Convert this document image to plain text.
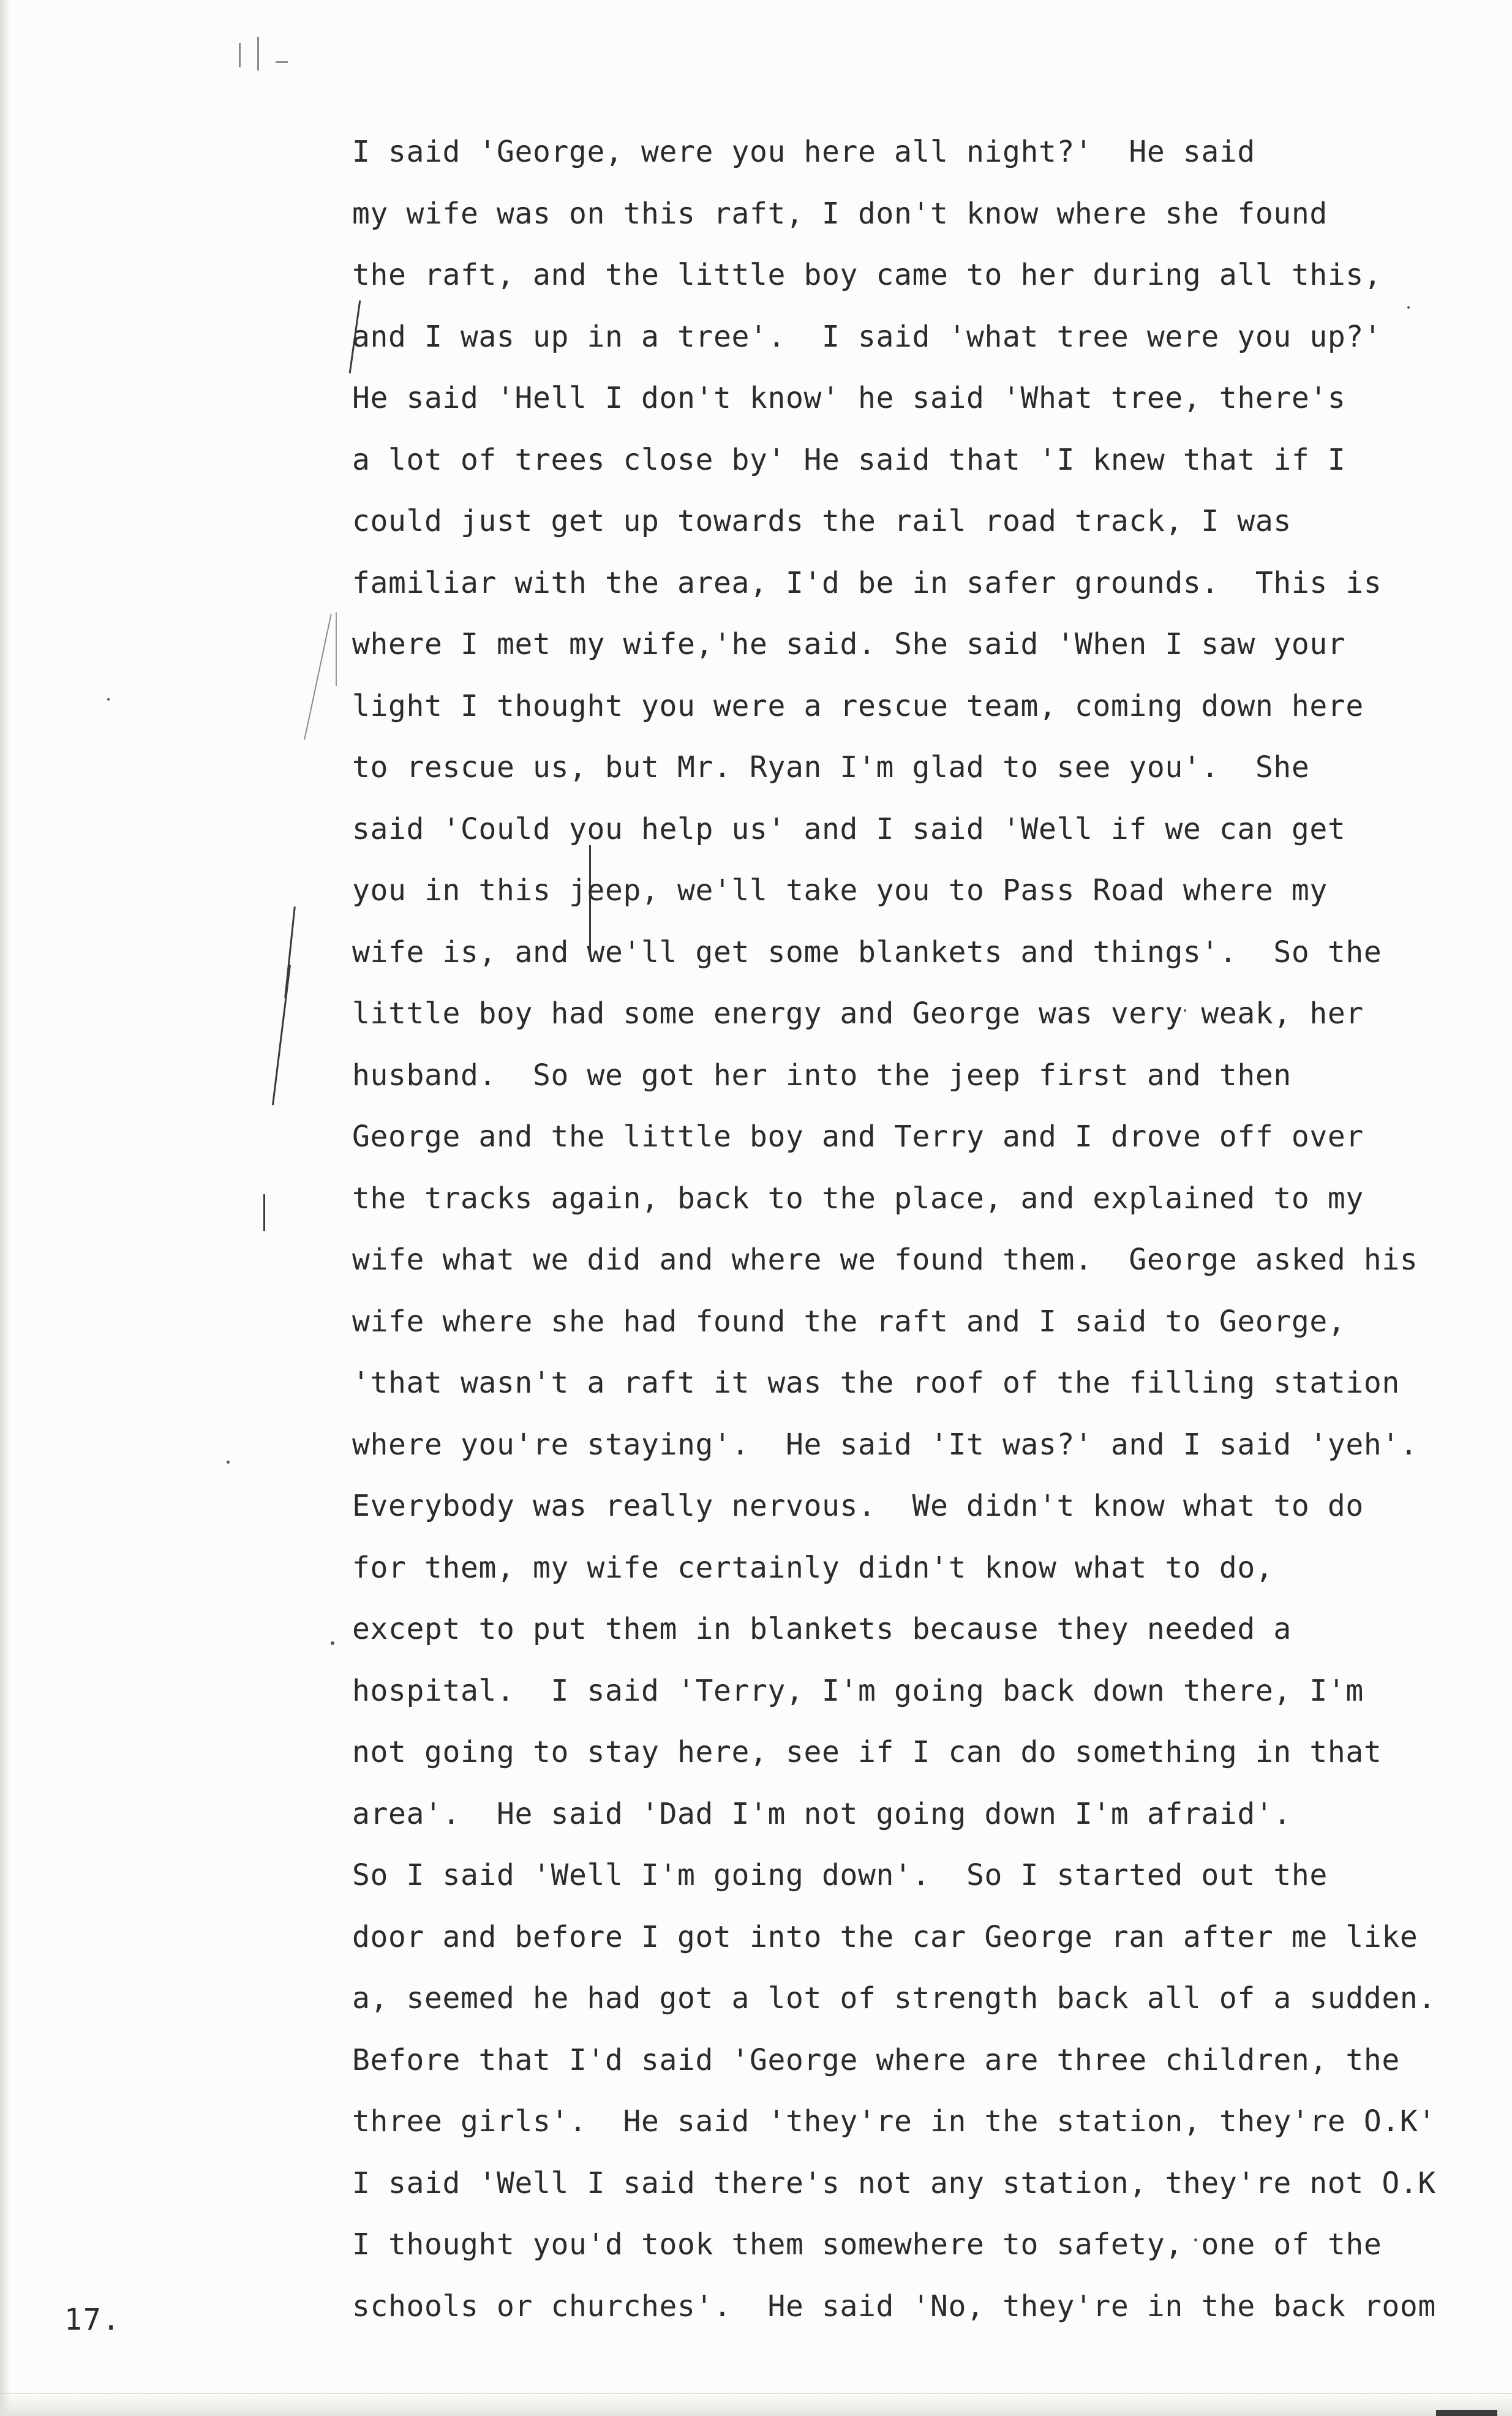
I said 'George, were you here all night?'  He said
my wife was on this raft, I don't know where she found
the raft, and the little boy came to her during all this,
and I was up in a tree'.  I said 'what tree were you up?'
He said 'Hell I don't know' he said 'What tree, there's
a lot of trees close by' He said that 'I knew that if I
could just get up towards the rail road track, I was
familiar with the area, I'd be in safer grounds.  This is
where I met my wife,'he said. She said 'When I saw your
light I thought you were a rescue team, coming down here
to rescue us, but Mr. Ryan I'm glad to see you'.  She
said 'Could you help us' and I said 'Well if we can get
you in this jeep, we'll take you to Pass Road where my
wife is, and we'll get some blankets and things'.  So the
little boy had some energy and George was very weak, her
husband.  So we got her into the jeep first and then
George and the little boy and Terry and I drove off over
the tracks again, back to the place, and explained to my
wife what we did and where we found them.  George asked his
wife where she had found the raft and I said to George,
'that wasn't a raft it was the roof of the filling station
where you're staying'.  He said 'It was?' and I said 'yeh'.
Everybody was really nervous.  We didn't know what to do
for them, my wife certainly didn't know what to do,
except to put them in blankets because they needed a
hospital.  I said 'Terry, I'm going back down there, I'm
not going to stay here, see if I can do something in that
area'.  He said 'Dad I'm not going down I'm afraid'.
So I said 'Well I'm going down'.  So I started out the
door and before I got into the car George ran after me like
a, seemed he had got a lot of strength back all of a sudden.
Before that I'd said 'George where are three children, the
three girls'.  He said 'they're in the station, they're O.K'
I said 'Well I said there's not any station, they're not O.K
I thought you'd took them somewhere to safety, one of the
schools or churches'.  He said 'No, they're in the back room
17.
